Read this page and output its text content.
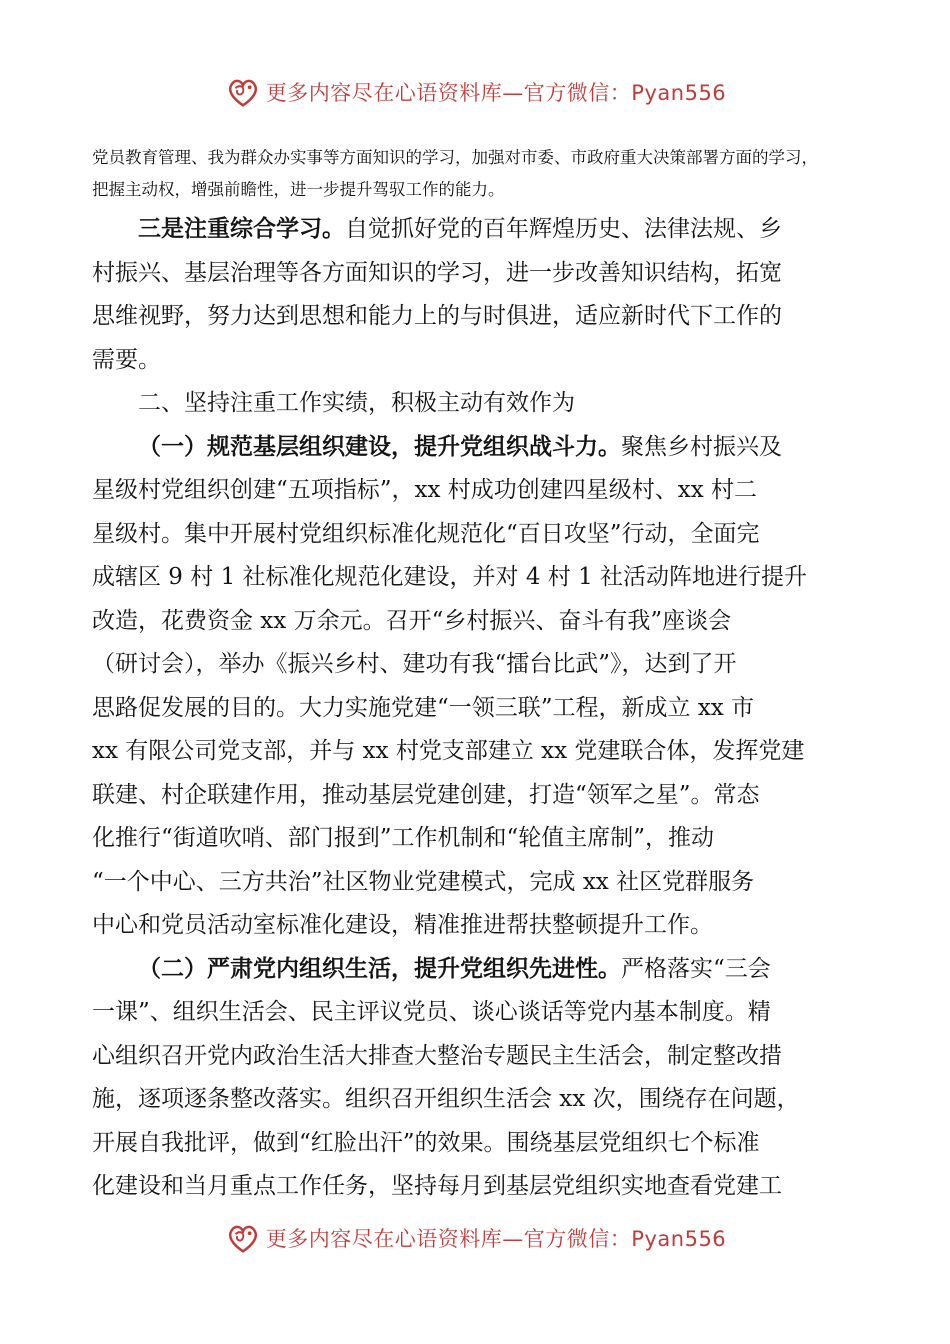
更多内容尽在心语资料库—官方微信：Pyan556
党员教育管理、我为群众办实事等方面知识的学习，加强对市委、市政府重大决策部署方面的学习，
把握主动权，增强前瞻性，进一步提升驾驭工作的能力。
三是注重综合学习。自觉抓好党的百年辉煌历史、法律法规、乡
村振兴、基层治理等各方面知识的学习，进一步改善知识结构，拓宽
思维视野，努力达到思想和能力上的与时俱进，适应新时代下工作的
需要。
二、坚持注重工作实绩，积极主动有效作为
（一）规范基层组织建设，提升党组织战斗力。聚焦乡村振兴及
星级村党组织创建“五项指标”，xx 村成功创建四星级村、xx 村二
星级村。集中开展村党组织标准化规范化“百日攻坚”行动，全面完
成辖区 9 村 1 社标准化规范化建设，并对 4 村 1 社活动阵地进行提升
改造，花费资金 xx 万余元。召开“乡村振兴、奋斗有我”座谈会
（研讨会），举办《振兴乡村、建功有我“擂台比武”》，达到了开
思路促发展的目的。大力实施党建“一领三联”工程，新成立 xx 市
xx 有限公司党支部，并与 xx 村党支部建立 xx 党建联合体，发挥党建
联建、村企联建作用，推动基层党建创建，打造“领军之星”。常态
化推行“街道吹哨、部门报到”工作机制和“轮值主席制”，推动
“一个中心、三方共治”社区物业党建模式，完成 xx 社区党群服务
中心和党员活动室标准化建设，精准推进帮扶整顿提升工作。
（二）严肃党内组织生活，提升党组织先进性。严格落实“三会
一课”、组织生活会、民主评议党员、谈心谈话等党内基本制度。精
心组织召开党内政治生活大排查大整治专题民主生活会，制定整改措
施，逐项逐条整改落实。组织召开组织生活会 xx 次，围绕存在问题，
开展自我批评，做到“红脸出汗”的效果。围绕基层党组织七个标准
化建设和当月重点工作任务，坚持每月到基层党组织实地查看党建工
更多内容尽在心语资料库—官方微信：Pyan556
